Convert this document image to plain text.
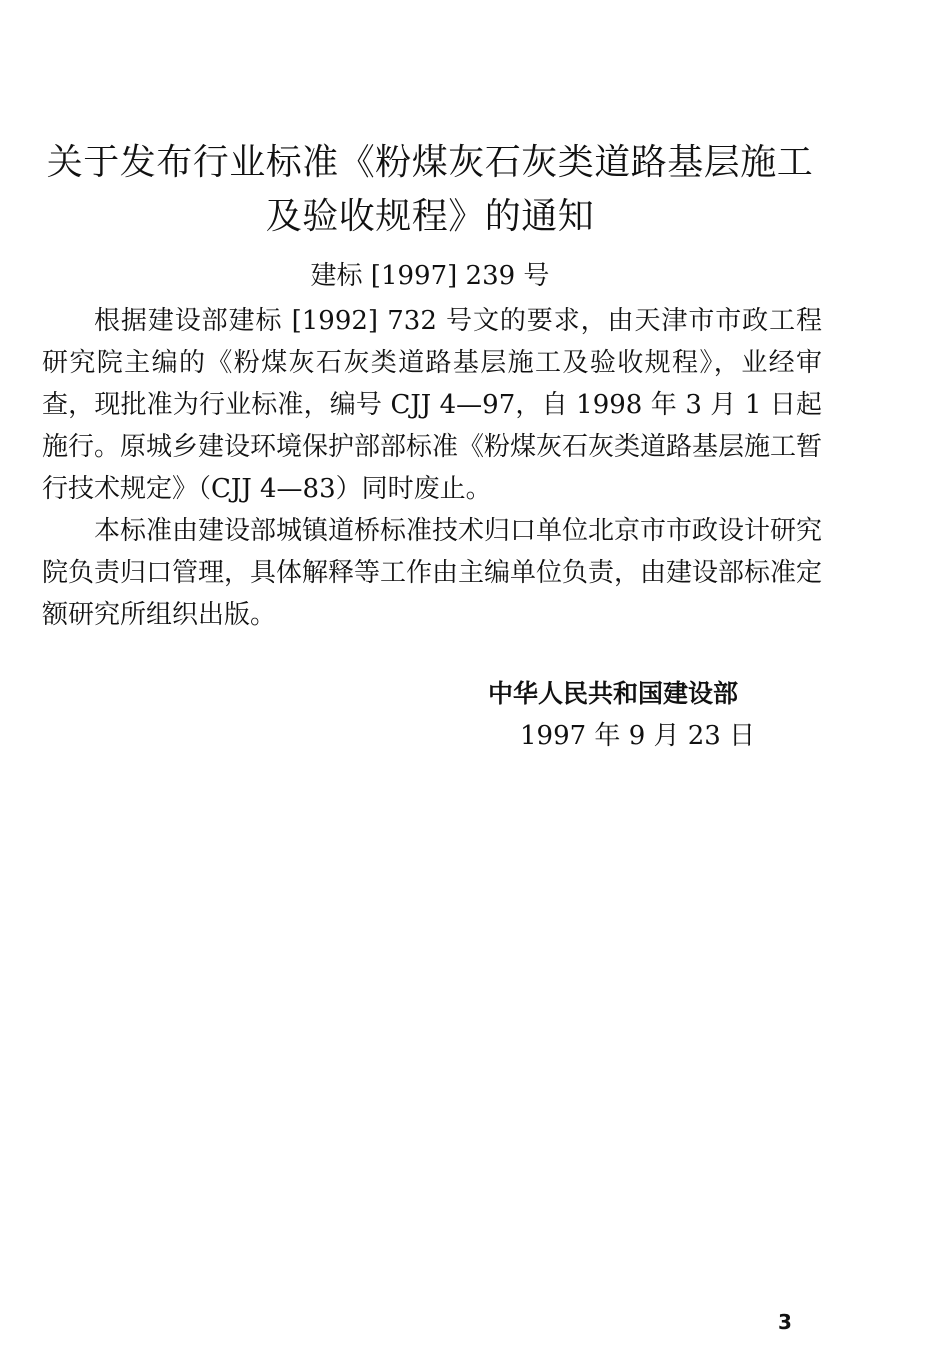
关于发布行业标准《粉煤灰石灰类道路基层施工
及验收规程》的通知
建标 [1997] 239 号

根据建设部建标 [1992] 732 号文的要求，由天津市市政工程研究院主编的《粉煤灰石灰类道路基层施工及验收规程》，业经审查，现批准为行业标准，编号 CJJ 4—97，自 1998 年 3 月 1 日起施行。原城乡建设环境保护部部标准《粉煤灰石灰类道路基层施工暂行技术规定》（CJJ 4—83）同时废止。

本标准由建设部城镇道桥标准技术归口单位北京市市政设计研究院负责归口管理，具体解释等工作由主编单位负责，由建设部标准定额研究所组织出版。

中华人民共和国建设部
1997 年 9 月 23 日
3
